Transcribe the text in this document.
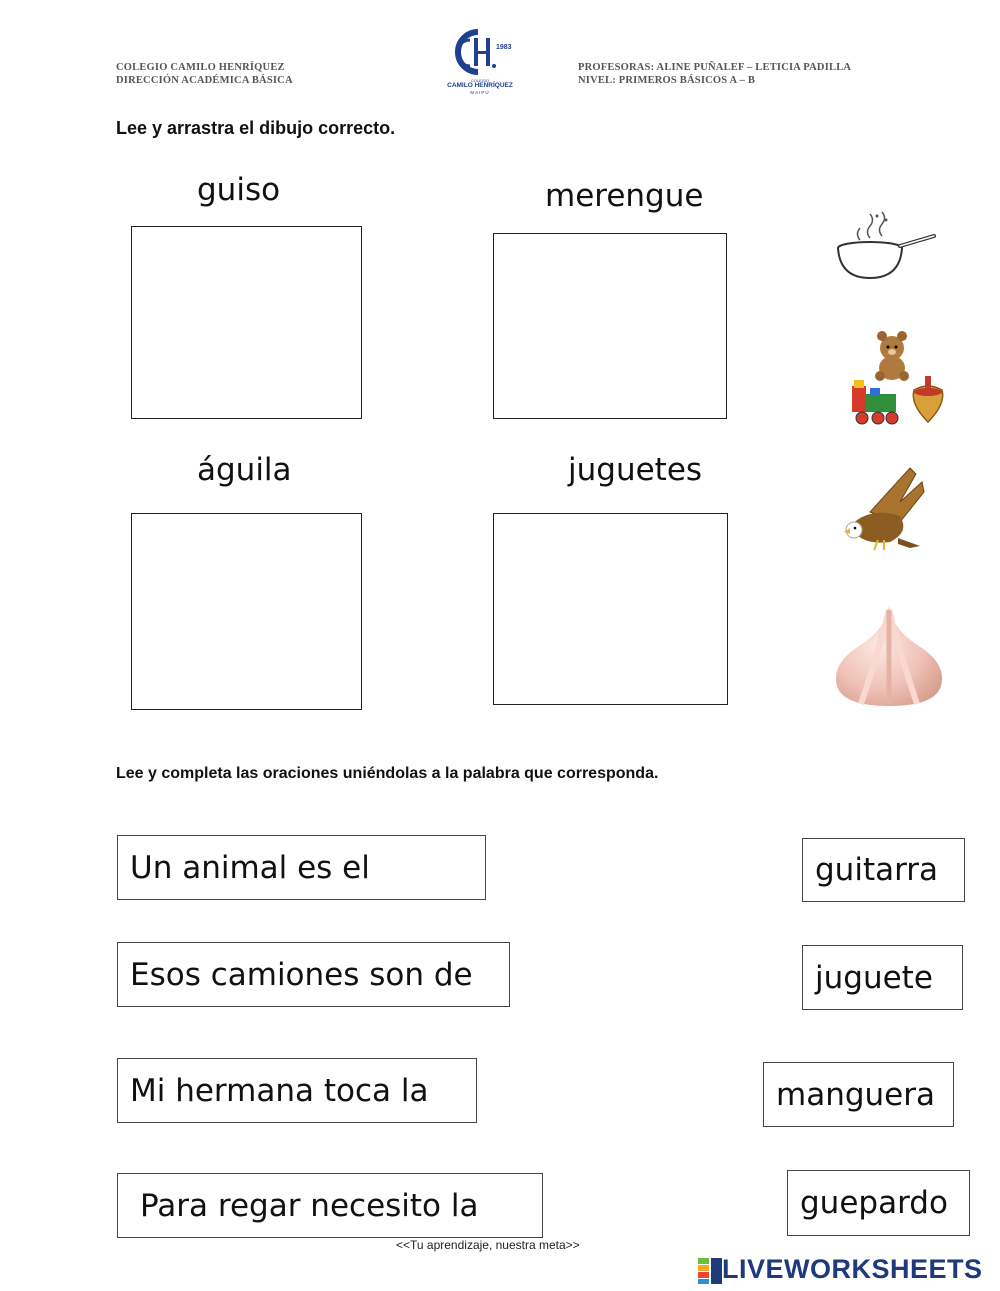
COLEGIO CAMILO HENRÍQUEZ
DIRECCIÓN ACADÉMICA BÁSICA
1983
COLEGIO
CAMILO HENRÍQUEZ
MAIPÚ
PROFESORAS: ALINE PUÑALEF – LETICIA PADILLA
NIVEL: PRIMEROS BÁSICOS A – B
Lee y arrastra el dibujo correcto.
guiso	merengue
águila	juguetes
Lee y completa las oraciones uniéndolas a la palabra que corresponda.
Un animal es el
Esos camiones son de
Mi hermana toca la
Para regar necesito la
guitarra
juguete
manguera
guepardo
<<Tu aprendizaje, nuestra meta>>
LIVEWORKSHEETS
